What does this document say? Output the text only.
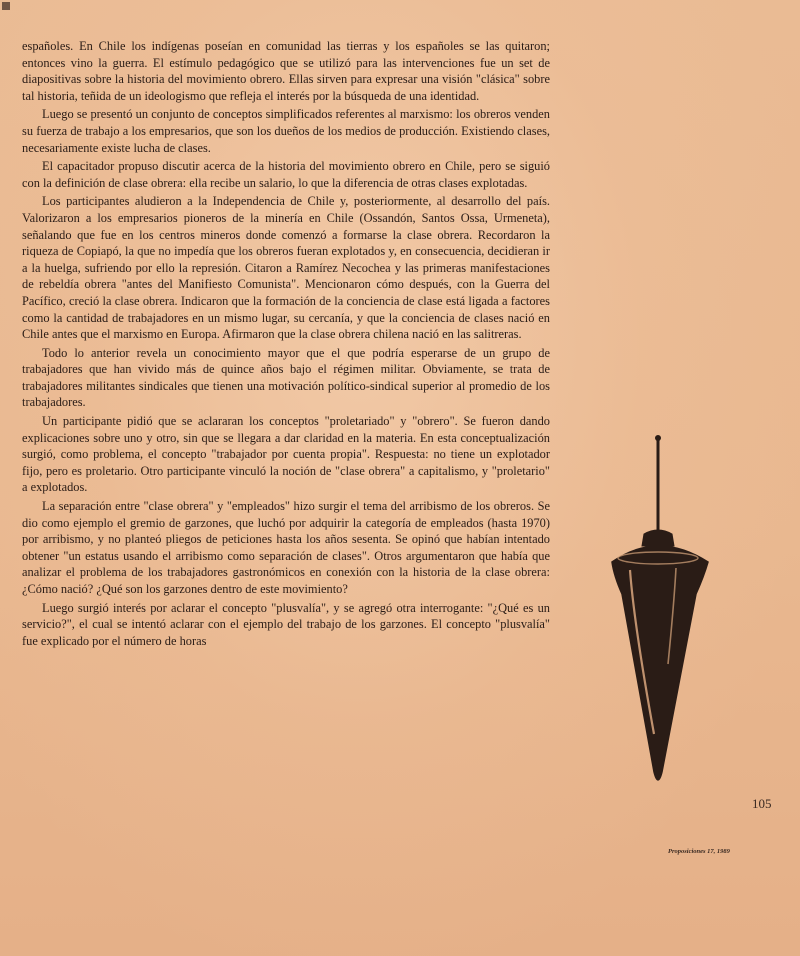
españoles. En Chile los indígenas poseían en comunidad las tierras y los españoles se las quitaron; entonces vino la guerra. El estímulo pedagógico que se utilizó para las intervenciones fue un set de diapositivas sobre la historia del movimiento obrero. Ellas sirven para expresar una visión "clásica" sobre tal historia, teñida de un ideologismo que refleja el interés por la búsqueda de una identidad.

Luego se presentó un conjunto de conceptos simplificados referentes al marxismo: los obreros venden su fuerza de trabajo a los empresarios, que son los dueños de los medios de producción. Existiendo clases, necesariamente existe lucha de clases.

El capacitador propuso discutir acerca de la historia del movimiento obrero en Chile, pero se siguió con la definición de clase obrera: ella recibe un salario, lo que la diferencia de otras clases explotadas.

Los participantes aludieron a la Independencia de Chile y, posteriormente, al desarrollo del país. Valorizaron a los empresarios pioneros de la minería en Chile (Ossandón, Santos Ossa, Urmeneta), señalando que fue en los centros mineros donde comenzó a formarse la clase obrera. Recordaron la riqueza de Copiapó, la que no impedía que los obreros fueran explotados y, en consecuencia, decidieran ir a la huelga, sufriendo por ello la represión. Citaron a Ramírez Necochea y las primeras manifestaciones de rebeldía obrera "antes del Manifiesto Comunista". Mencionaron cómo después, con la Guerra del Pacífico, creció la clase obrera. Indicaron que la formación de la conciencia de clase está ligada a factores como la cantidad de trabajadores en un mismo lugar, su cercanía, y que la conciencia de clases nació en Chile antes que el marxismo en Europa. Afirmaron que la clase obrera chilena nació en las salitreras.

Todo lo anterior revela un conocimiento mayor que el que podría esperarse de un grupo de trabajadores que han vivido más de quince años bajo el régimen militar. Obviamente, se trata de trabajadores militantes sindicales que tienen una motivación político-sindical superior al promedio de los trabajadores.

Un participante pidió que se aclararan los conceptos "proletariado" y "obrero". Se fueron dando explicaciones sobre uno y otro, sin que se llegara a dar claridad en la materia. En esta conceptualización surgió, como problema, el concepto "trabajador por cuenta propia". Respuesta: no tiene un explotador fijo, pero es proletario. Otro participante vinculó la noción de "clase obrera" a capitalismo, y "proletario" a explotados.

La separación entre "clase obrera" y "empleados" hizo surgir el tema del arribismo de los obreros. Se dio como ejemplo el gremio de garzones, que luchó por adquirir la categoría de empleados (hasta 1970) por arribismo, y no planteó pliegos de peticiones hasta los años sesenta. Se opinó que habían intentado obtener "un estatus usando el arribismo como separación de clases". Otros argumentaron que había que analizar el problema de los trabajadores gastronómicos en conexión con la historia de la clase obrera: ¿Cómo nació? ¿Qué son los garzones dentro de este movimiento?

Luego surgió interés por aclarar el concepto "plusvalía", y se agregó otra interrogante: "¿Qué es un servicio?", el cual se intentó aclarar con el ejemplo del trabajo de los garzones. El concepto "plusvalía" fue explicado por el número de horas

105
Proposiciones 17, 1989
